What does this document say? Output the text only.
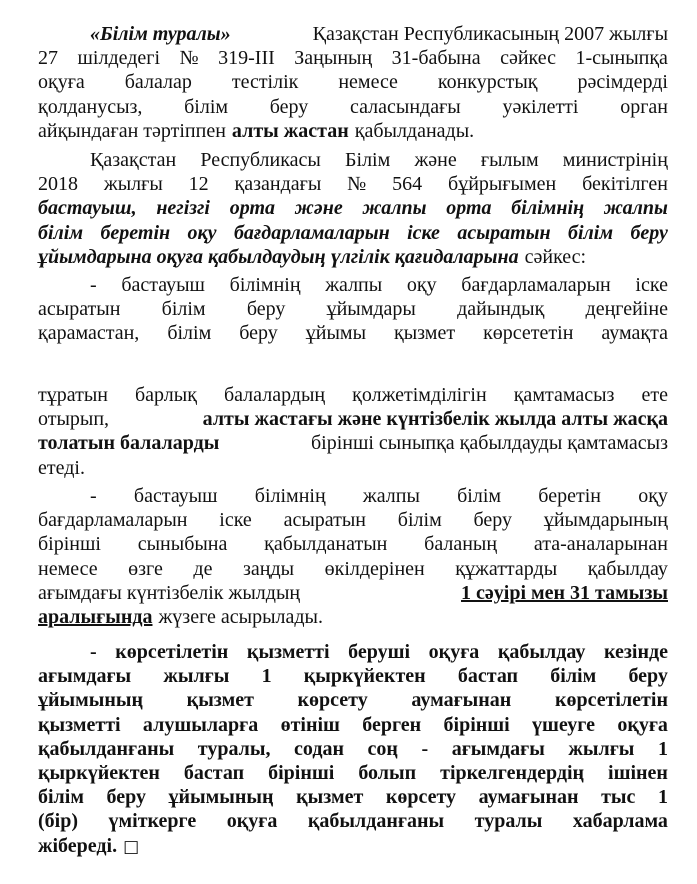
«Білім туралы»	Қазақстан Республикасының 2007 жылғы
27 шілдедегі № 319-III Заңының 31-бабына сәйкес 1-сыныпқа
оқуға балалар тестілік немесе конкурстық рәсімдерді
қолданусыз, білім беру саласындағы уәкілетті орган
айқындаған тәртіппен алты жастан қабылданады.
Қазақстан Республикасы Білім және ғылым министрінің
2018 жылғы 12 қазандағы № 564 бұйрығымен бекітілген
бастауыш, негізгі орта және жалпы орта білімнің жалпы
білім беретін оқу бағдарламаларын іске асыратын білім беру
ұйымдарына оқуға қабылдаудың үлгілік қағидаларына сәйкес:
- бастауыш білімнің жалпы оқу бағдарламаларын іске
асыратын білім беру ұйымдары дайындық деңгейіне
қарамастан, білім беру ұйымы қызмет көрсететін аумақта
тұратын барлық балалардың қолжетімділігін қамтамасыз ете
отырып,	алты жастағы және күнтізбелік жылда алты жасқа
толатын балаларды	бірінші сыныпқа қабылдауды қамтамасыз
етеді.
- бастауыш білімнің жалпы білім беретін оқу
бағдарламаларын іске асыратын білім беру ұйымдарының
бірінші сыныбына қабылданатын баланың ата-аналарынан
немесе өзге де заңды өкілдерінен құжаттарды қабылдау
ағымдағы күнтізбелік жылдың	1 сәуірі мен 31 тамызы
аралығында жүзеге асырылады.
- көрсетілетін қызметті беруші оқуға қабылдау кезінде
ағымдағы жылғы 1 қыркүйектен бастап білім беру
ұйымының қызмет көрсету аумағынан көрсетілетін
қызметті алушыларға өтініш берген бірінші үшеуге оқуға
қабылданғаны туралы, содан соң - ағымдағы жылғы 1
қыркүйектен бастап бірінші болып тіркелгендердің ішінен
білім беру ұйымының қызмет көрсету аумағынан тыс 1
(бір) үміткерге оқуға қабылданғаны туралы хабарлама
жібереді. □
